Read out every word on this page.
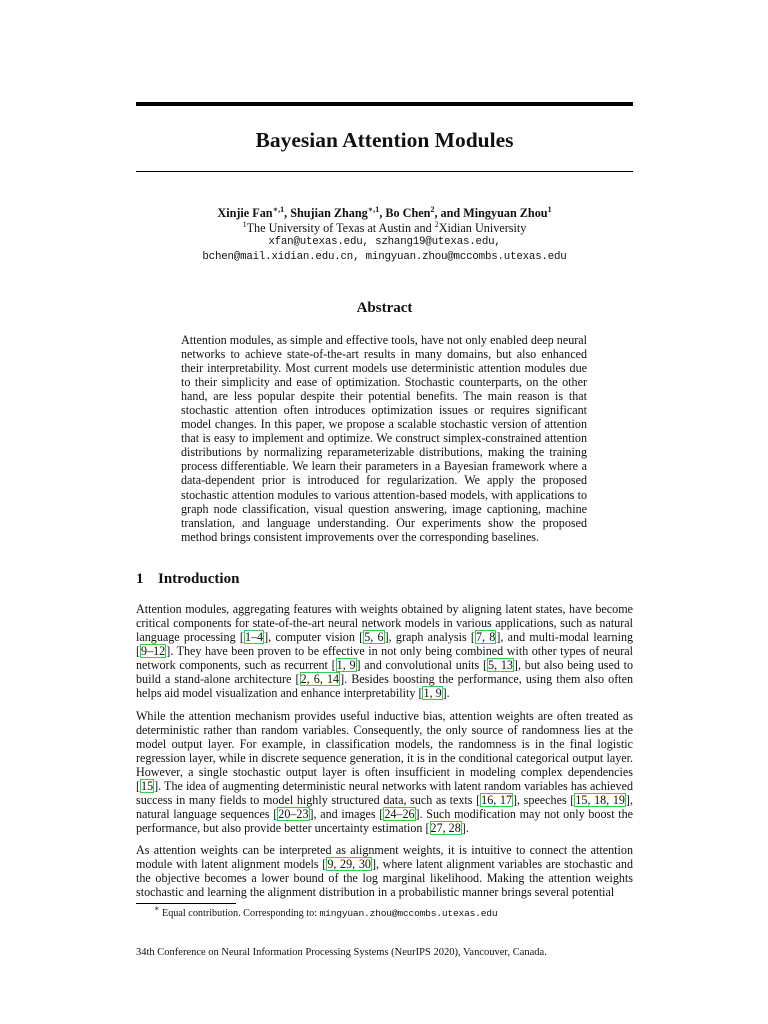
Bayesian Attention Modules
Xinjie Fan$^{∗,1}$, Shujian Zhang$^{∗,1}$, Bo Chen$^2$, and Mingyuan Zhou$^1$
$^1$The University of Texas at Austin and $^2$Xidian University
xfan@utexas.edu, szhang19@utexas.edu,
bchen@mail.xidian.edu.cn, mingyuan.zhou@mccombs.utexas.edu
Abstract

Attention modules, as simple and effective tools, have not only enabled deep neural networks to achieve state-of-the-art results in many domains, but also enhanced their interpretability. Most current models use deterministic attention modules due to their simplicity and ease of optimization. Stochastic counterparts, on the other hand, are less popular despite their potential benefits. The main reason is that stochastic attention often introduces optimization issues or requires significant model changes. In this paper, we propose a scalable stochastic version of attention that is easy to implement and optimize. We construct simplex-constrained attention distributions by normalizing reparameterizable distributions, making the training process differentiable. We learn their parameters in a Bayesian framework where a data-dependent prior is introduced for regularization. We apply the proposed stochastic attention modules to various attention-based models, with applications to graph node classification, visual question answering, image captioning, machine translation, and language understanding. Our experiments show the proposed method brings consistent improvements over the corresponding baselines.

1 Introduction

Attention modules, aggregating features with weights obtained by aligning latent states, have become critical components for state-of-the-art neural network models in various applications, such as natural language processing [1–4], computer vision [5, 6], graph analysis [7, 8], and multi-modal learning [9–12]. They have been proven to be effective in not only being combined with other types of neural network components, such as recurrent [1, 9] and convolutional units [5, 13], but also being used to build a stand-alone architecture [2, 6, 14]. Besides boosting the performance, using them also often helps aid model visualization and enhance interpretability [1, 9].

While the attention mechanism provides useful inductive bias, attention weights are often treated as deterministic rather than random variables. Consequently, the only source of randomness lies at the model output layer. For example, in classification models, the randomness is in the final logistic regression layer, while in discrete sequence generation, it is in the conditional categorical output layer. However, a single stochastic output layer is often insufficient in modeling complex dependencies [15]. The idea of augmenting deterministic neural networks with latent random variables has achieved success in many fields to model highly structured data, such as texts [16, 17], speeches [15, 18, 19], natural language sequences [20–23], and images [24–26]. Such modification may not only boost the performance, but also provide better uncertainty estimation [27, 28].

As attention weights can be interpreted as alignment weights, it is intuitive to connect the attention module with latent alignment models [9, 29, 30], where latent alignment variables are stochastic and the objective becomes a lower bound of the log marginal likelihood. Making the attention weights stochastic and learning the alignment distribution in a probabilistic manner brings several potential

∗ Equal contribution. Corresponding to: mingyuan.zhou@mccombs.utexas.edu

34th Conference on Neural Information Processing Systems (NeurIPS 2020), Vancouver, Canada.
